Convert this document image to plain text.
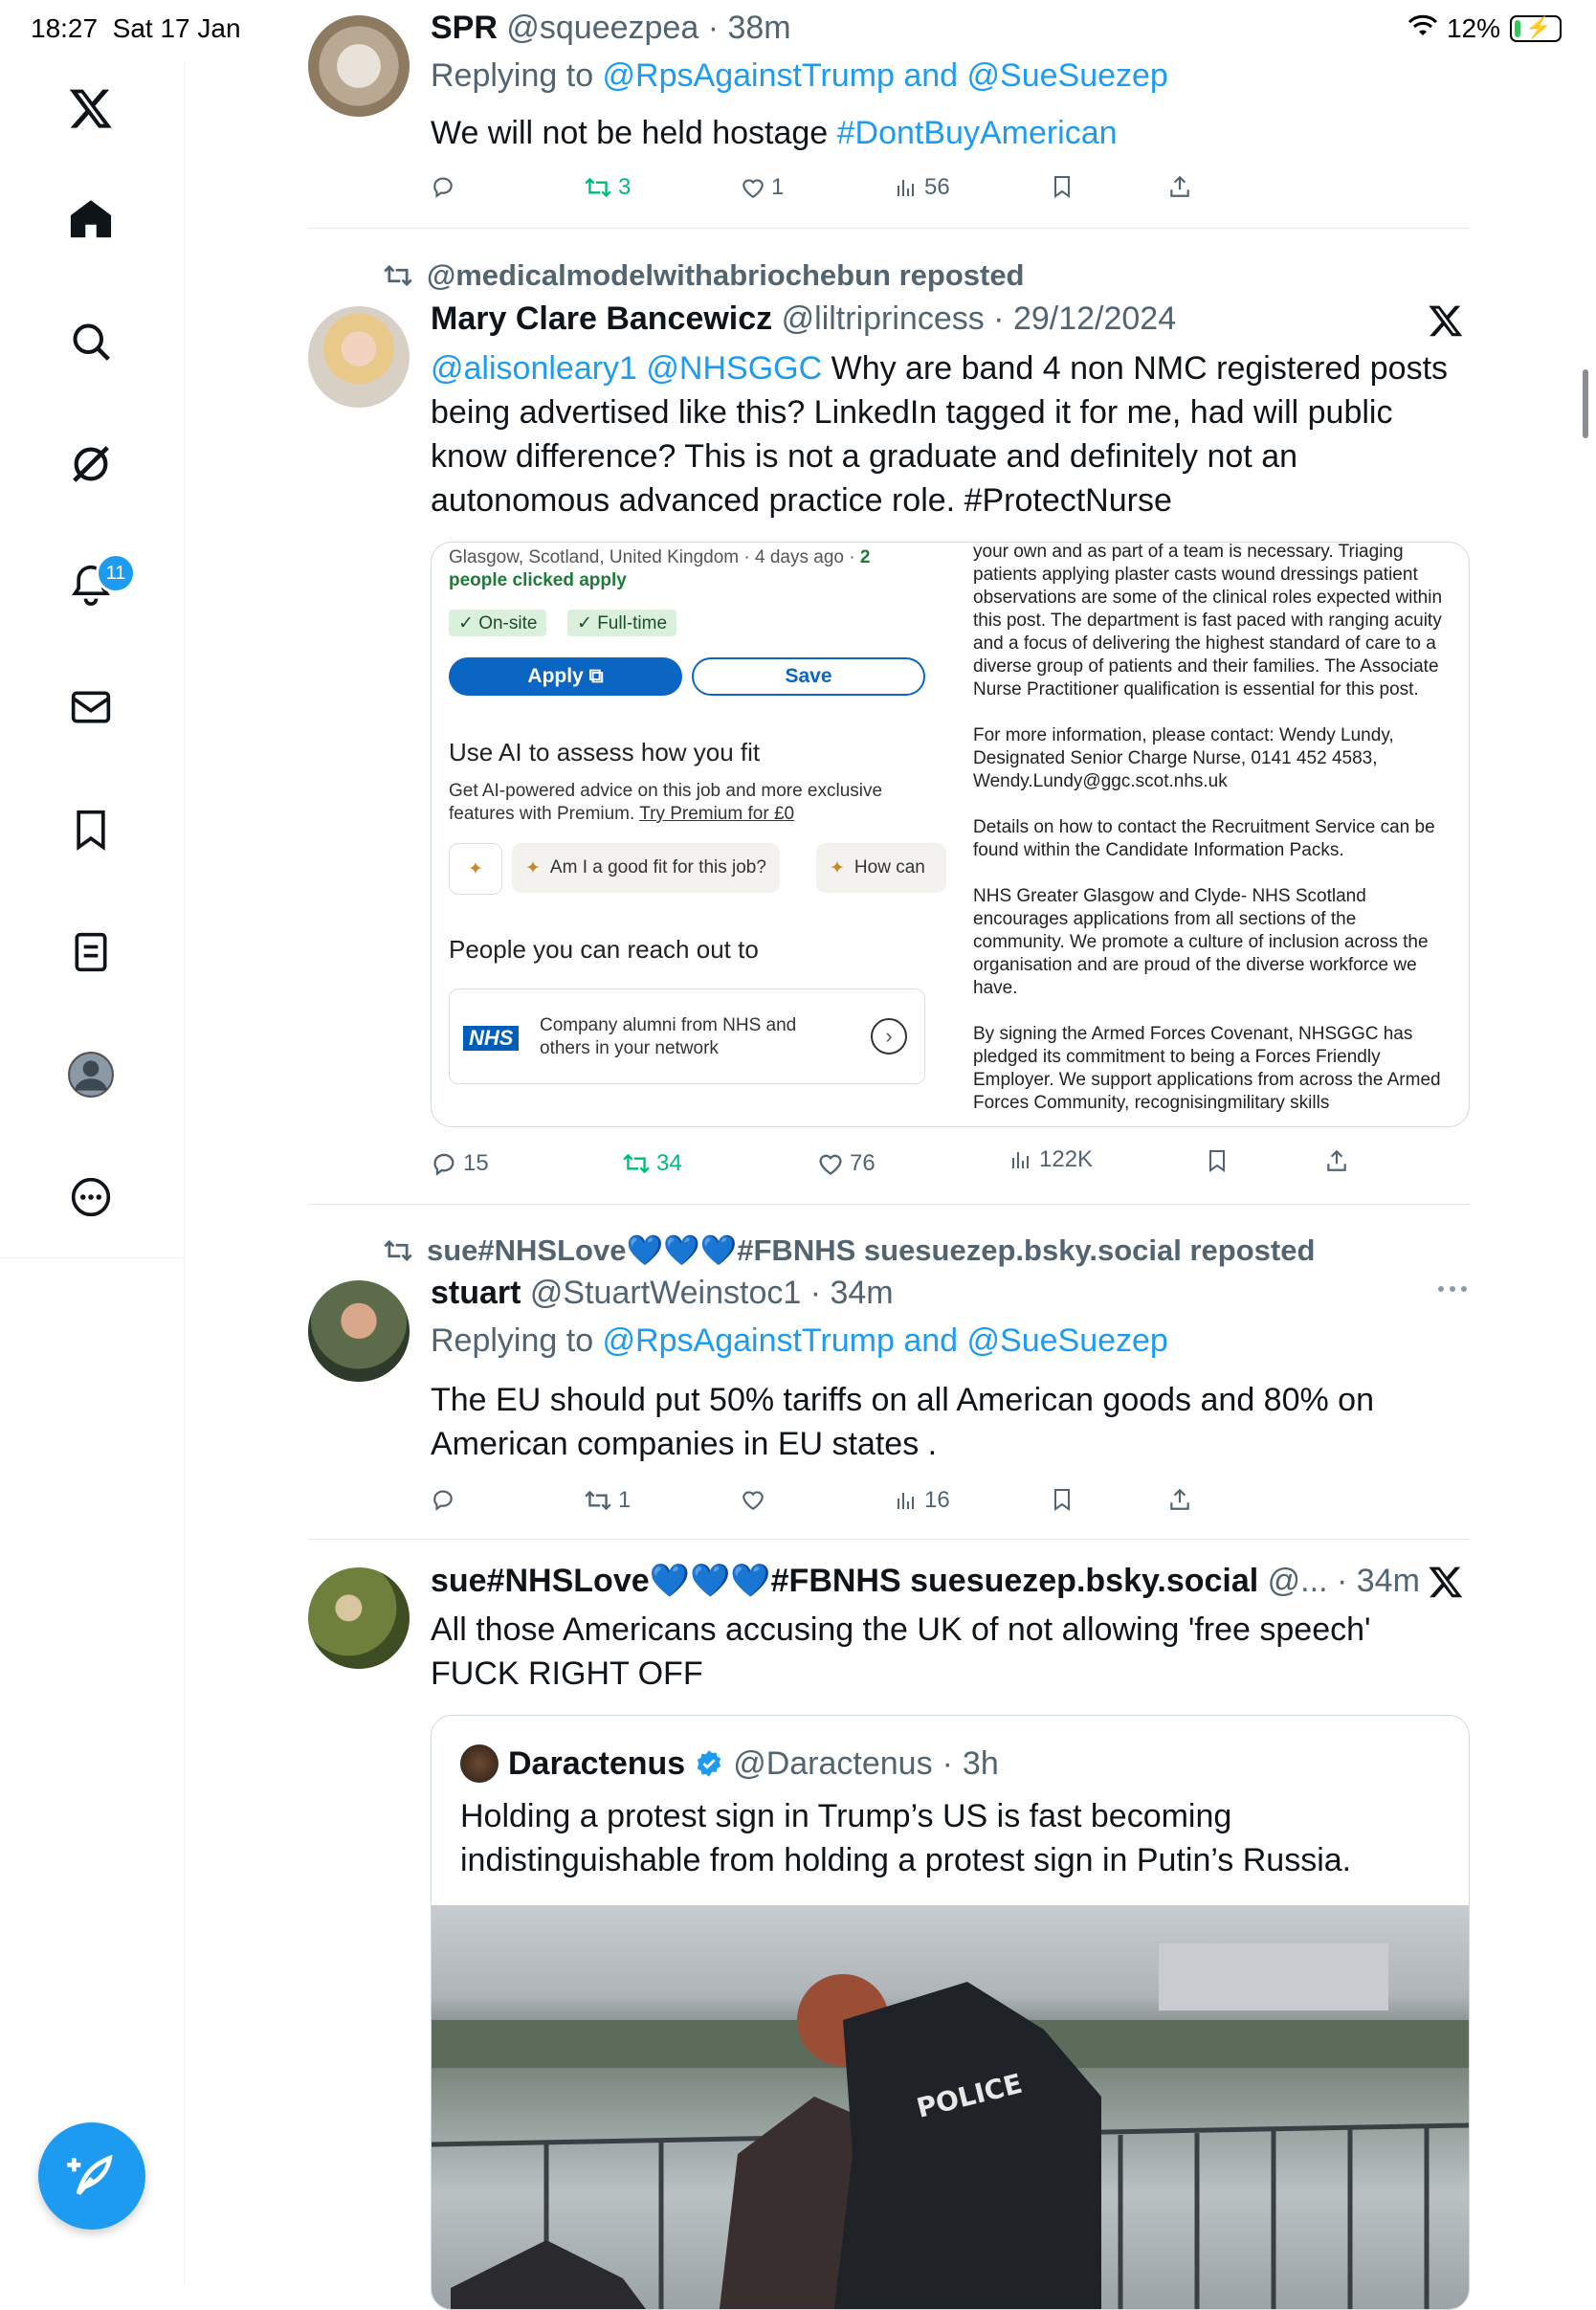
18:27 Sat 17 Jan	12% ⚡
11
SPR @squeezpea · 38m
Replying to @RpsAgainstTrump and @SueSuezep
We will not be held hostage #DontBuyAmerican
3	1	56
@medicalmodelwithabriochebun reposted
Mary Clare Bancewicz @liltriprincess · 29/12/2024
@alisonleary1 @NHSGGC Why are band 4 non NMC registered posts being advertised like this? LinkedIn tagged it for me, had will public know difference? This is not a graduate and definitely not an autonomous advanced practice role. #ProtectNurse
Glasgow, Scotland, United Kingdom · 4 days ago · 2 people clicked apply
✓ On-site	✓ Full-time
Apply ⧉	Save
Use AI to assess how you fit
Get AI-powered advice on this job and more exclusive features with Premium. Try Premium for £0
✦ ✦ Am I a good fit for this job?	✦ How can
People you can reach out to
NHS
Company alumni from NHS and others in your network
›
your own and as part of a team is necessary. Triaging patients applying plaster casts wound dressings patient observations are some of the clinical roles expected within this post. The department is fast paced with ranging acuity and a focus of delivering the highest standard of care to a diverse group of patients and their families. The Associate Nurse Practitioner qualification is essential for this post.
For more information, please contact: Wendy Lundy, Designated Senior Charge Nurse, 0141 452 4583, Wendy.Lundy@ggc.scot.nhs.uk
Details on how to contact the Recruitment Service can be found within the Candidate Information Packs.
NHS Greater Glasgow and Clyde- NHS Scotland encourages applications from all sections of the community. We promote a culture of inclusion across the organisation and are proud of the diverse workforce we have.
By signing the Armed Forces Covenant, NHSGGC has pledged its commitment to being a Forces Friendly Employer. We support applications from across the Armed Forces Community, recognisingmilitary skills
15	34	76	122K
sue#NHSLove💙💙💙#FBNHS suesuezep.bsky.social reposted
stuart @StuartWeinstoc1 · 34m
Replying to @RpsAgainstTrump and @SueSuezep
The EU should put 50% tariffs on all American goods and 80% on American companies in EU states .
1	16
sue#NHSLove💙💙💙#FBNHS suesuezep.bsky.social @... · 34m
All those Americans accusing the UK of not allowing 'free speech' FUCK RIGHT OFF
Daractenus @Daractenus · 3h
Holding a protest sign in Trump’s US is fast becoming indistinguishable from holding a protest sign in Putin’s Russia.
POLICE
